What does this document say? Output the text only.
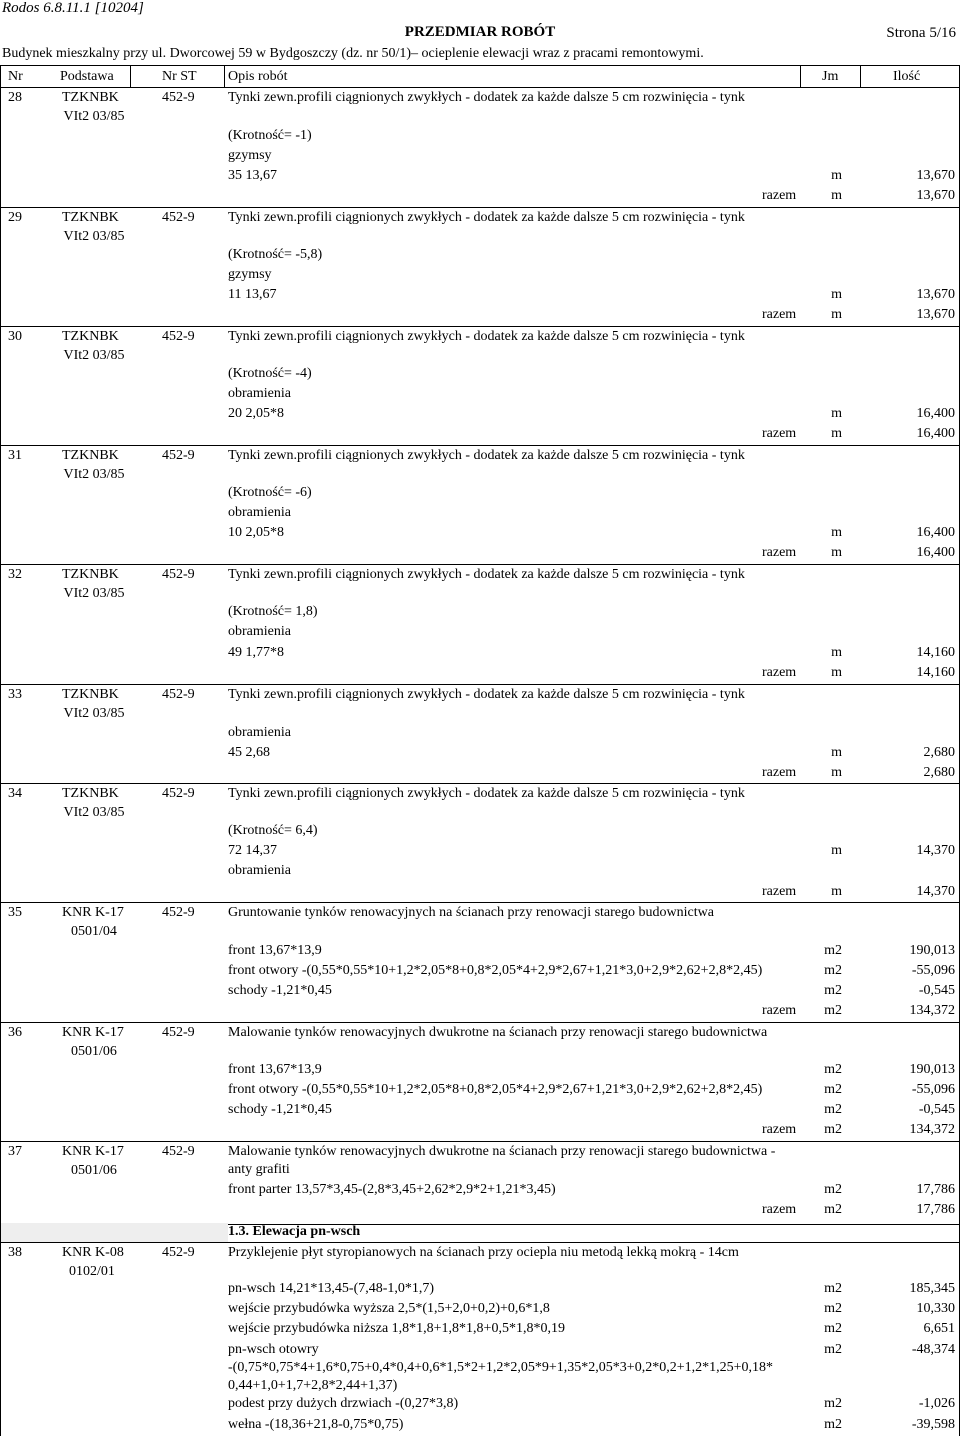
Rodos 6.8.11.1 [10204]
PRZEDMIAR ROBÓT	Strona 5/16
Budynek mieszkalny przy ul. Dworcowej 59 w Bydgoszczy (dz. nr 50/1)– ocieplenie elewacji wraz z pracami remontowymi.
Nr	Podstawa	Nr ST Opis robót	Jm	Ilość
28	TZKNBK
VIt2 03/85
452-9 Tynki zewn.profili ciągnionych zwykłych - dodatek za każde dalsze 5 cm rozwinięcia - tynk
(Krotność= -1)
gzymsy
35 13,67	m	13,670
razem	m	13,670
29	TZKNBK
VIt2 03/85
452-9 Tynki zewn.profili ciągnionych zwykłych - dodatek za każde dalsze 5 cm rozwinięcia - tynk
(Krotność= -5,8)
gzymsy
11 13,67	m	13,670
razem	m	13,670
30	TZKNBK
VIt2 03/85
452-9 Tynki zewn.profili ciągnionych zwykłych - dodatek za każde dalsze 5 cm rozwinięcia - tynk
(Krotność= -4)
obramienia
20 2,05*8	m	16,400
razem	m	16,400
31	TZKNBK
VIt2 03/85
452-9 Tynki zewn.profili ciągnionych zwykłych - dodatek za każde dalsze 5 cm rozwinięcia - tynk
(Krotność= -6)
obramienia
10 2,05*8	m	16,400
razem	m	16,400
32	TZKNBK
VIt2 03/85
452-9 Tynki zewn.profili ciągnionych zwykłych - dodatek za każde dalsze 5 cm rozwinięcia - tynk
(Krotność= 1,8)
obramienia
49 1,77*8	m	14,160
razem	m	14,160
33	TZKNBK
VIt2 03/85
452-9 Tynki zewn.profili ciągnionych zwykłych - dodatek za każde dalsze 5 cm rozwinięcia - tynk
obramienia
45 2,68	m	2,680
razem	m	2,680
34	TZKNBK
VIt2 03/85
452-9 Tynki zewn.profili ciągnionych zwykłych - dodatek za każde dalsze 5 cm rozwinięcia - tynk
(Krotność= 6,4)
72 14,37	m	14,370
obramienia
razem	m	14,370
35	KNR K-17
0501/04
452-9 Gruntowanie tynków renowacyjnych na ścianach przy renowacji starego budownictwa
front 13,67*13,9	m2	190,013
front otwory -(0,55*0,55*10+1,2*2,05*8+0,8*2,05*4+2,9*2,67+1,21*3,0+2,9*2,62+2,8*2,45)	m2	-55,096
schody -1,21*0,45	m2	-0,545
razem	m2	134,372
36	KNR K-17
0501/06
452-9 Malowanie tynków renowacyjnych dwukrotne na ścianach przy renowacji starego budownictwa
front 13,67*13,9	m2	190,013
front otwory -(0,55*0,55*10+1,2*2,05*8+0,8*2,05*4+2,9*2,67+1,21*3,0+2,9*2,62+2,8*2,45)	m2	-55,096
schody -1,21*0,45	m2	-0,545
razem	m2	134,372
37	KNR K-17
0501/06
452-9 Malowanie tynków renowacyjnych dwukrotne na ścianach przy renowacji starego budownictwa -
anty grafiti
front parter 13,57*3,45-(2,8*3,45+2,62*2,9*2+1,21*3,45)	m2	17,786
razem	m2	17,786
1.3. Elewacja pn-wsch
38	KNR K-08
0102/01
452-9 Przyklejenie płyt styropianowych na ścianach przy ociepla niu metodą lekką mokrą - 14cm
pn-wsch 14,21*13,45-(7,48-1,0*1,7)	m2	185,345
wejście przybudówka wyższa 2,5*(1,5+2,0+0,2)+0,6*1,8	m2	10,330
wejście przybudówka niższa 1,8*1,8+1,8*1,8+0,5*1,8*0,19	m2	6,651
pn-wsch otowry	m2	-48,374
-(0,75*0,75*4+1,6*0,75+0,4*0,4+0,6*1,5*2+1,2*2,05*9+1,35*2,05*3+0,2*0,2+1,2*1,25+0,18*
0,44+1,0+1,7+2,8*2,44+1,37)
podest przy dużych drzwiach -(0,27*3,8)	m2	-1,026
wełna -(18,36+21,8-0,75*0,75)	m2	-39,598
